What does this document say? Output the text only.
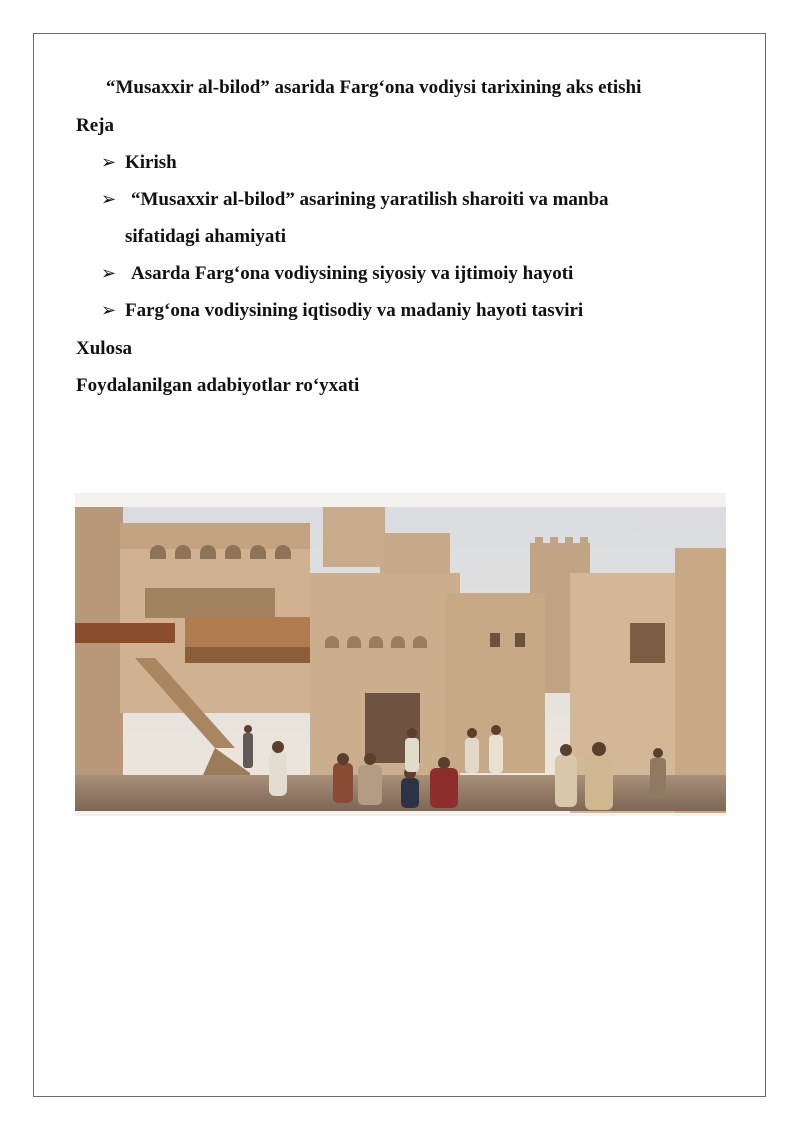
“Musaxxir al-bilod” asarida Farg‘ona vodiysi tarixining aks etishi
Reja
➢ Kirish
➢ “Musaxxir al-bilod” asarining yaratilish sharoiti va manba
sifatidagi ahamiyati
➢ Asarda Farg‘ona vodiysining siyosiy va ijtimoiy hayoti
➢ Farg‘ona vodiysining iqtisodiy va madaniy hayoti tasviri
Xulosa
Foydalanilgan adabiyotlar ro‘yxati
